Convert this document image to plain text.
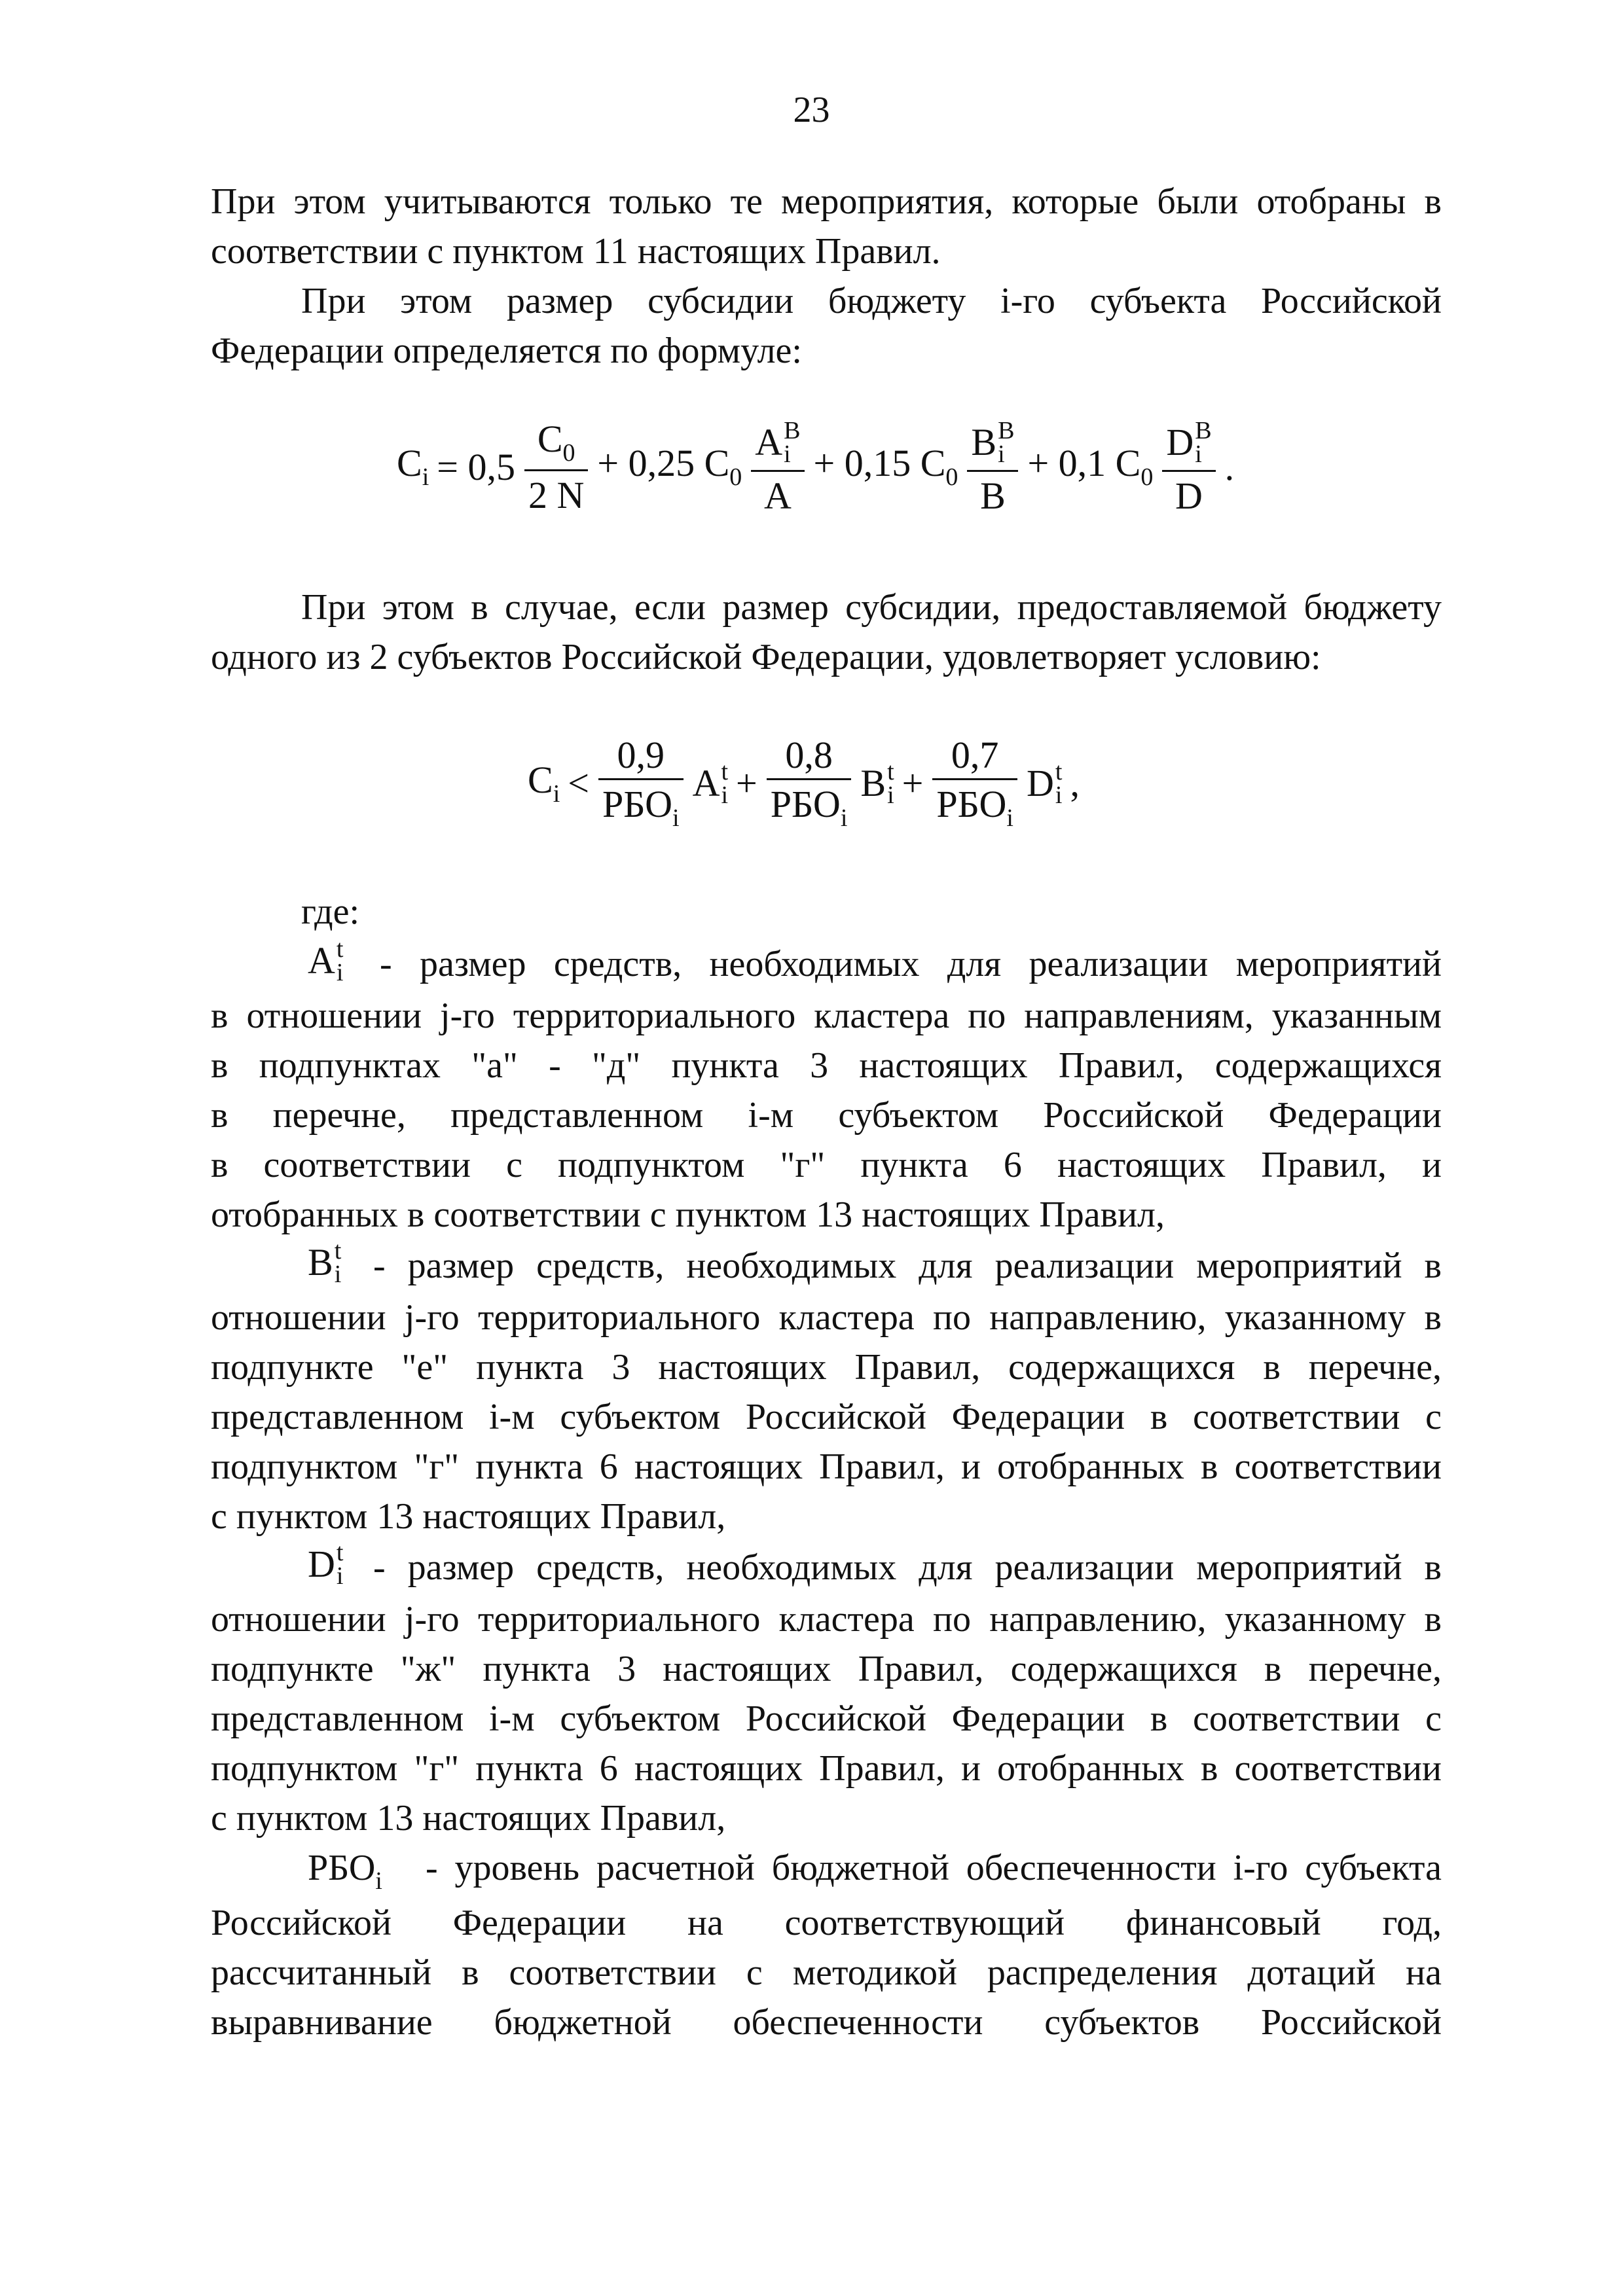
23
При этом учитываются только те мероприятия, которые были отобраны в
соответствии с пунктом 11 настоящих Правил.
При этом размер субсидии бюджету i-го субъекта Российской
Федерации определяется по формуле:
$C_i = 0,5 \frac{C_0}{2 N} + 0,25$ $C_0$ A B
i
A + 0,15 $C_0$ B B
i
B + 0,1 $C_0$ D B
i
D .
При этом в случае, если размер субсидии, предоставляемой бюджету
одного из 2 субъектов Российской Федерации, удовлетворяет условию:
$C_i < \frac{0,9}{РБО_i}$ A t
$i + \frac{0,8}{РБО_i}$ B t
$i + \frac{0,7}{РБО_i}$ D t
i ,
где:
A t
i - размер средств, необходимых для реализации мероприятий
в отношении j-го территориального кластера по направлениям, указанным
в подпунктах "а" - "д" пункта 3 настоящих Правил, содержащихся
в перечне, представленном i-м субъектом Российской Федерации
в соответствии с подпунктом "г" пункта 6 настоящих Правил, и
отобранных в соответствии с пунктом 13 настоящих Правил,
B t
i - размер средств, необходимых для реализации мероприятий в
отношении j-го территориального кластера по направлению, указанному в
подпункте "е" пункта 3 настоящих Правил, содержащихся в перечне,
представленном i-м субъектом Российской Федерации в соответствии с
подпунктом "г" пункта 6 настоящих Правил, и отобранных в соответствии
с пунктом 13 настоящих Правил,
D t
i - размер средств, необходимых для реализации мероприятий в
отношении j-го территориального кластера по направлению, указанному в
подпункте "ж" пункта 3 настоящих Правил, содержащихся в перечне,
представленном i-м субъектом Российской Федерации в соответствии с
подпунктом "г" пункта 6 настоящих Правил, и отобранных в соответствии
с пунктом 13 настоящих Правил,
$РБО_i$ - уровень расчетной бюджетной обеспеченности i-го субъекта
Российской Федерации на соответствующий финансовый год,
рассчитанный в соответствии с методикой распределения дотаций на
выравнивание бюджетной обеспеченности субъектов Российской
